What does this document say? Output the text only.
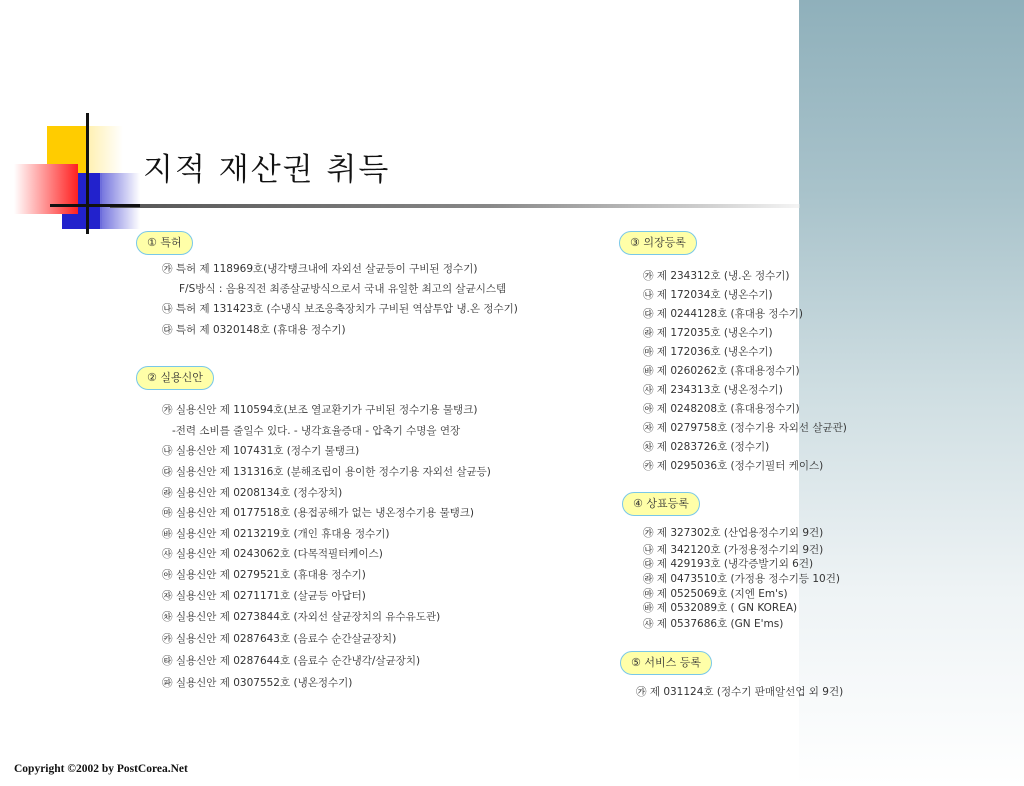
지적 재산권 취득
① 특허
㉮ 특허 제 118969호(냉각탱크내에 자외선 살균등이 구비된 정수기)
F/S방식 : 음용직전 최종살균방식으로서 국내 유일한 최고의 살균시스템
㉯ 특허 제 131423호 (수냉식 보조응축장치가 구비된 역삼투압 냉.온 정수기)
㉰ 특허 제 0320148호 (휴대용 정수기)
② 실용신안
㉮ 실용신안 제 110594호(보조 열교환기가 구비된 정수기용 물탱크)
-전력 소비를 줄일수 있다. - 냉각효율증대 - 압축기 수명을 연장
㉯ 실용신안 제 107431호 (정수기 물탱크)
㉰ 실용신안 제 131316호 (분해조립이 용이한 정수기용 자외선 살균등)
㉱ 실용신안 제 0208134호 (정수장치)
㉲ 실용신안 제 0177518호 (용접공해가 없는 냉온정수기용 물탱크)
㉳ 실용신안 제 0213219호 (개인 휴대용 정수기)
㉴ 실용신안 제 0243062호 (다목적필터케이스)
㉵ 실용신안 제 0279521호 (휴대용 정수기)
㉶ 실용신안 제 0271171호 (살균등 아답터)
㉷ 실용신안 제 0273844호 (자외선 살균장치의 유수유도관)
㉸ 실용신안 제 0287643호 (음료수 순간살균장치)
㉹ 실용신안 제 0287644호 (음료수 순간냉각/살균장치)
㉺ 실용신안 제 0307552호 (냉온정수기)
③ 의장등록
㉮ 제 234312호 (냉.온 정수기)
㉯ 제 172034호 (냉온수기)
㉰ 제 0244128호 (휴대용 정수기)
㉱ 제 172035호 (냉온수기)
㉲ 제 172036호 (냉온수기)
㉳ 제 0260262호 (휴대용정수기)
㉴ 제 234313호 (냉온정수기)
㉵ 제 0248208호 (휴대용정수기)
㉶ 제 0279758호 (정수기용 자외선 살균관)
㉷ 제 0283726호 (정수기)
㉸ 제 0295036호 (정수기필터 케이스)
④ 상표등록
㉮ 제 327302호 (산업용정수기외 9건)
㉯ 제 342120호 (가정용정수기외 9건)
㉰ 제 429193호 (냉각증발기외 6건)
㉱ 제 0473510호 (가정용 정수기등 10건)
㉲ 제 0525069호 (지엔 Em's)
㉳ 제 0532089호 ( GN KOREA)
㉴ 제 0537686호 (GN E'ms)
⑤ 서비스 등록
㉮ 제 031124호 (정수기 판매알선업 외 9건)
Copyright ©2002 by PostCorea.Net
